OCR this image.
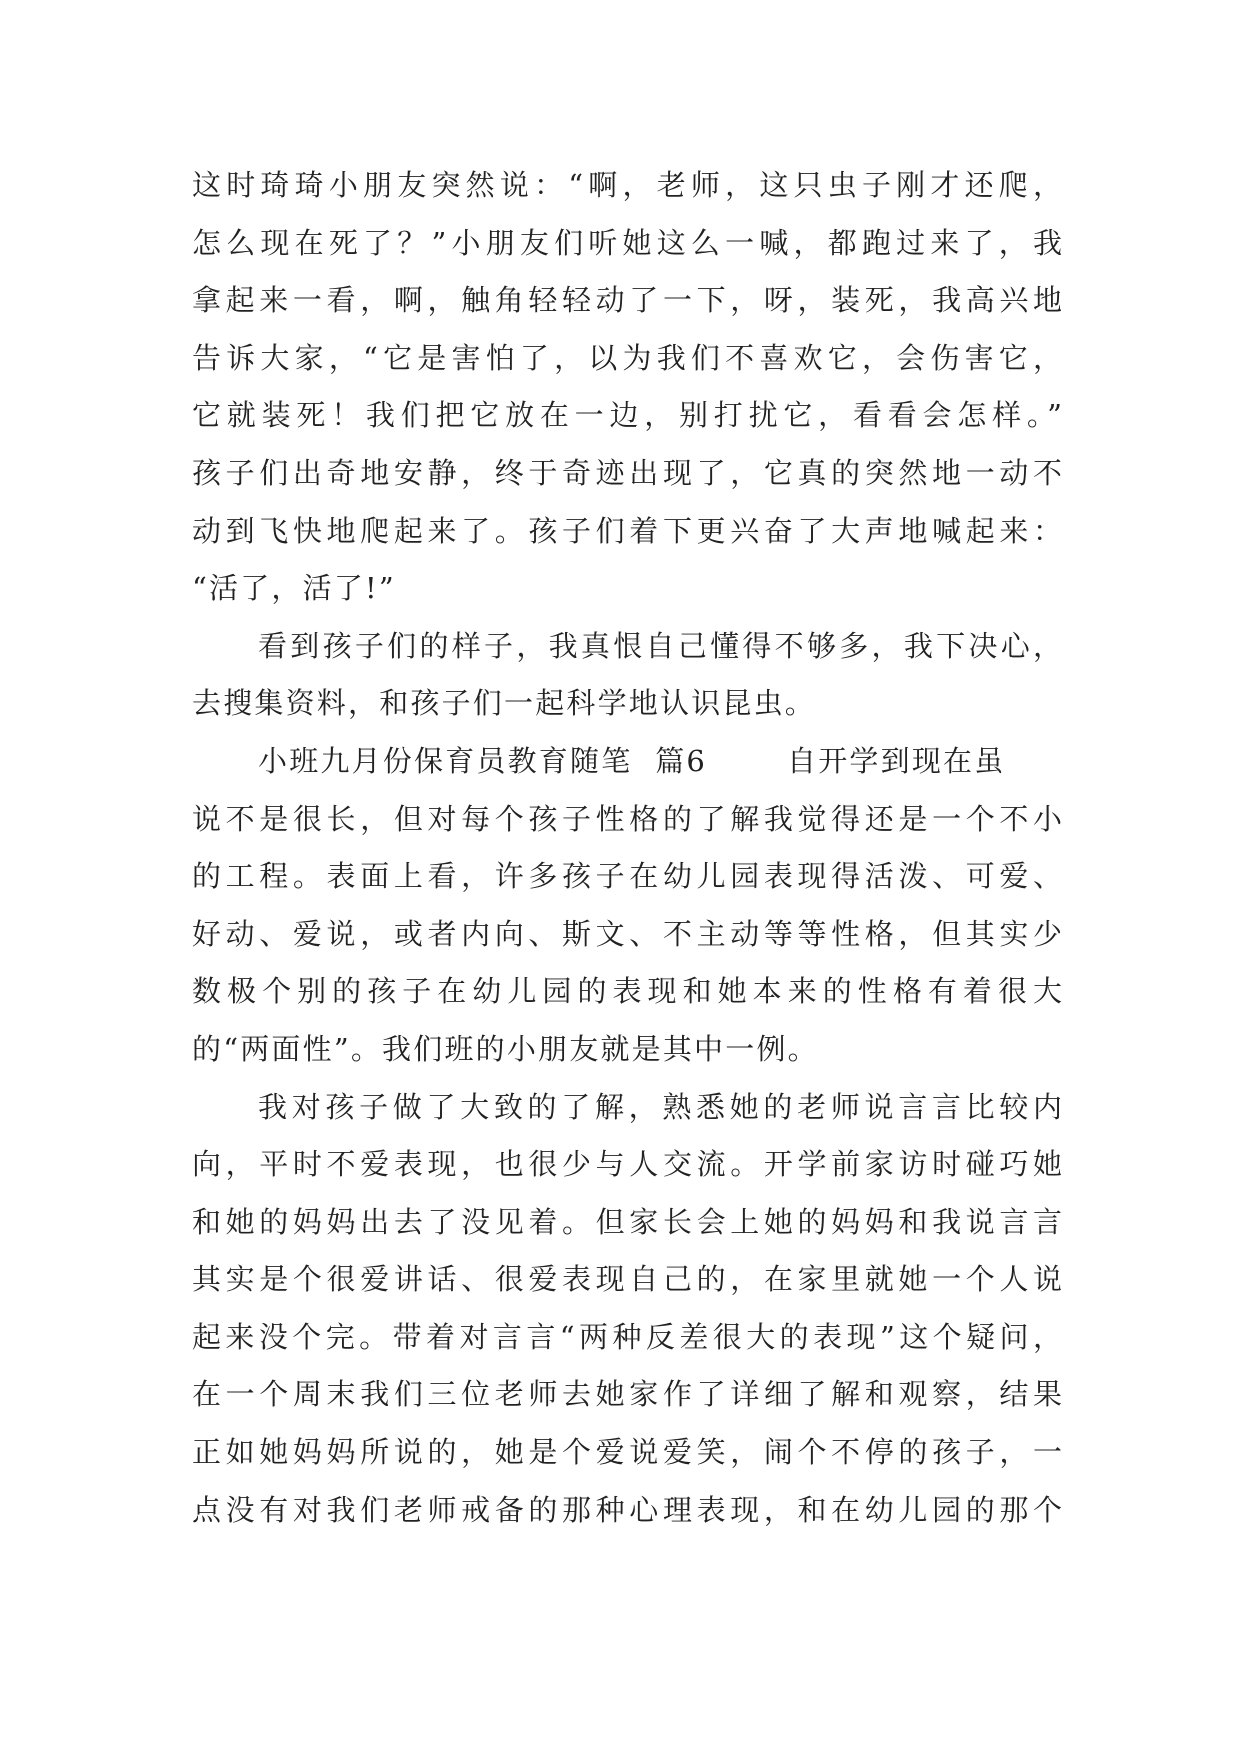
这时琦琦小朋友突然说：“啊，老师，这只虫子刚才还爬，
怎么现在死了？”小朋友们听她这么一喊，都跑过来了，我
拿起来一看，啊，触角轻轻动了一下，呀，装死，我高兴地
告诉大家，“它是害怕了，以为我们不喜欢它，会伤害它，
它就装死！我们把它放在一边，别打扰它，看看会怎样。”
孩子们出奇地安静，终于奇迹出现了，它真的突然地一动不
动到飞快地爬起来了。孩子们着下更兴奋了大声地喊起来：
“活了，活了!”
看到孩子们的样子，我真恨自己懂得不够多，我下决心，
去搜集资料，和孩子们一起科学地认识昆虫。
小班九月份保育员教育随笔  篇6       自开学到现在虽
说不是很长，但对每个孩子性格的了解我觉得还是一个不小
的工程。表面上看，许多孩子在幼儿园表现得活泼、可爱、
好动、爱说，或者内向、斯文、不主动等等性格，但其实少
数极个别的孩子在幼儿园的表现和她本来的性格有着很大
的“两面性”。我们班的小朋友就是其中一例。
我对孩子做了大致的了解，熟悉她的老师说言言比较内
向，平时不爱表现，也很少与人交流。开学前家访时碰巧她
和她的妈妈出去了没见着。但家长会上她的妈妈和我说言言
其实是个很爱讲话、很爱表现自己的，在家里就她一个人说
起来没个完。带着对言言“两种反差很大的表现”这个疑问，
在一个周末我们三位老师去她家作了详细了解和观察，结果
正如她妈妈所说的，她是个爱说爱笑，闹个不停的孩子，一
点没有对我们老师戒备的那种心理表现，和在幼儿园的那个
